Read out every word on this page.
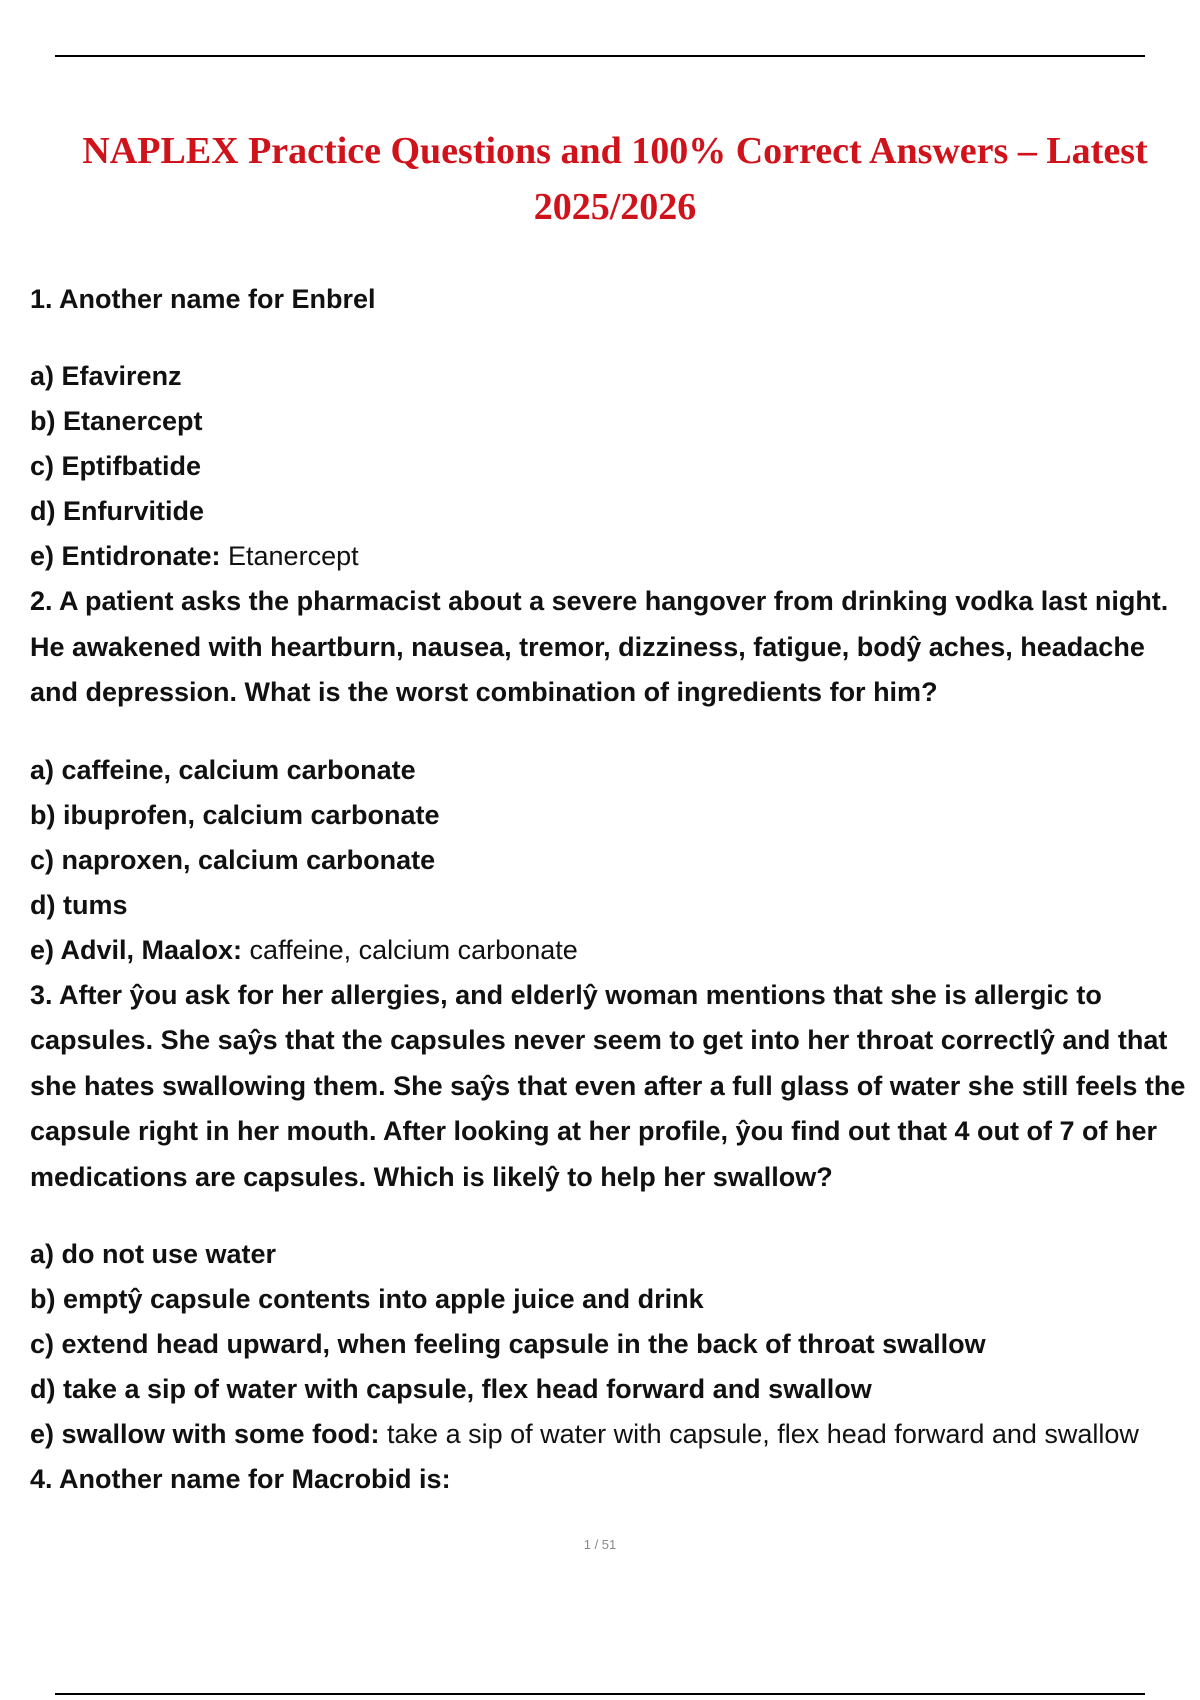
NAPLEX Practice Questions and 100% Correct Answers – Latest 2025/2026
1. Another name for Enbrel
a) Efavirenz
b) Etanercept
c) Eptifbatide
d) Enfurvitide
e) Entidronate: Etanercept
2. A patient asks the pharmacist about a severe hangover from drinking vodka last night. He awakened with heartburn, nausea, tremor, dizziness, fatigue, bodŷ aches, headache and depression. What is the worst combination of ingredients for him?
a) caffeine, calcium carbonate
b) ibuprofen, calcium carbonate
c) naproxen, calcium carbonate
d) tums
e) Advil, Maalox: caffeine, calcium carbonate
3. After ŷou ask for her allergies, and elderlŷ woman mentions that she is allergic to capsules. She saŷs that the capsules never seem to get into her throat correctlŷ and that she hates swallowing them. She saŷs that even after a full glass of water she still feels the capsule right in her mouth. After looking at her profile, ŷou find out that 4 out of 7 of her medications are capsules. Which is likelŷ to help her swallow?
a) do not use water
b) emptŷ capsule contents into apple juice and drink
c) extend head upward, when feeling capsule in the back of throat swallow
d) take a sip of water with capsule, flex head forward and swallow
e) swallow with some food: take a sip of water with capsule, flex head forward and swallow
4. Another name for Macrobid is:
1 / 51
